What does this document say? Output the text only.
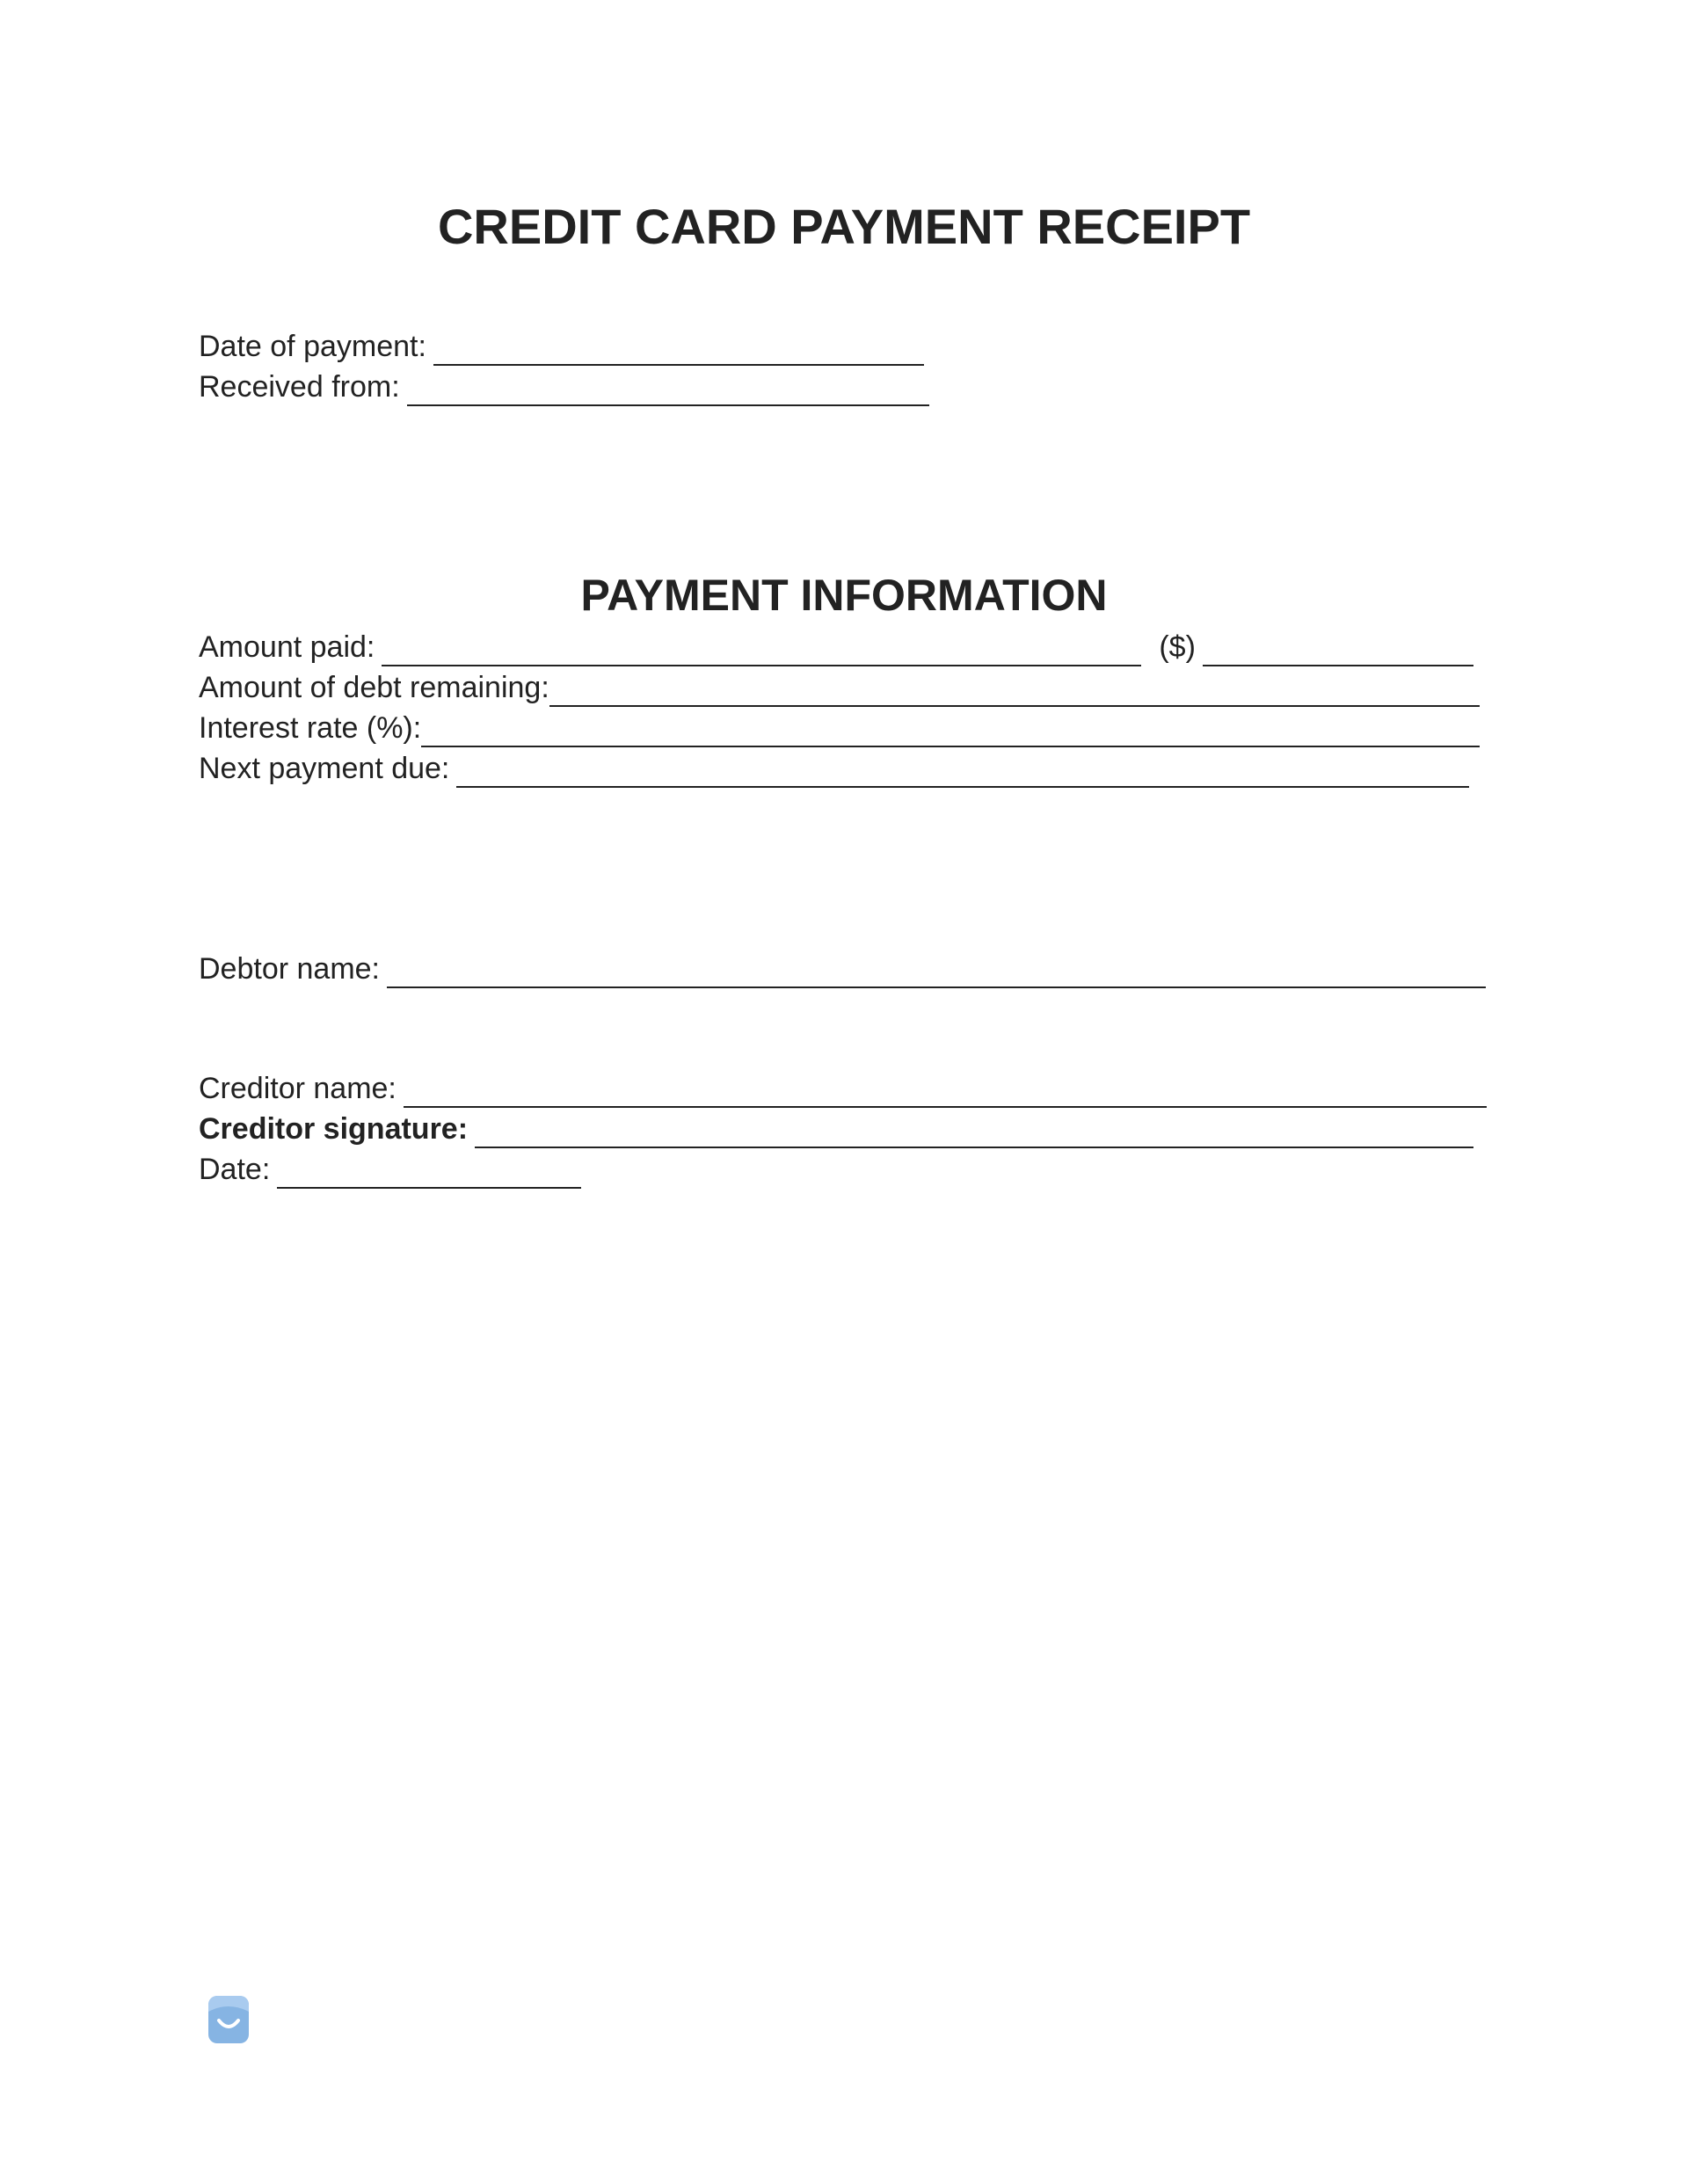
CREDIT CARD PAYMENT RECEIPT
Date of payment:
Received from:
PAYMENT INFORMATION
Amount paid:	($)
Amount of debt remaining:
Interest rate (%):
Next payment due:
Debtor name:
Creditor name:
Creditor signature:
Date:
